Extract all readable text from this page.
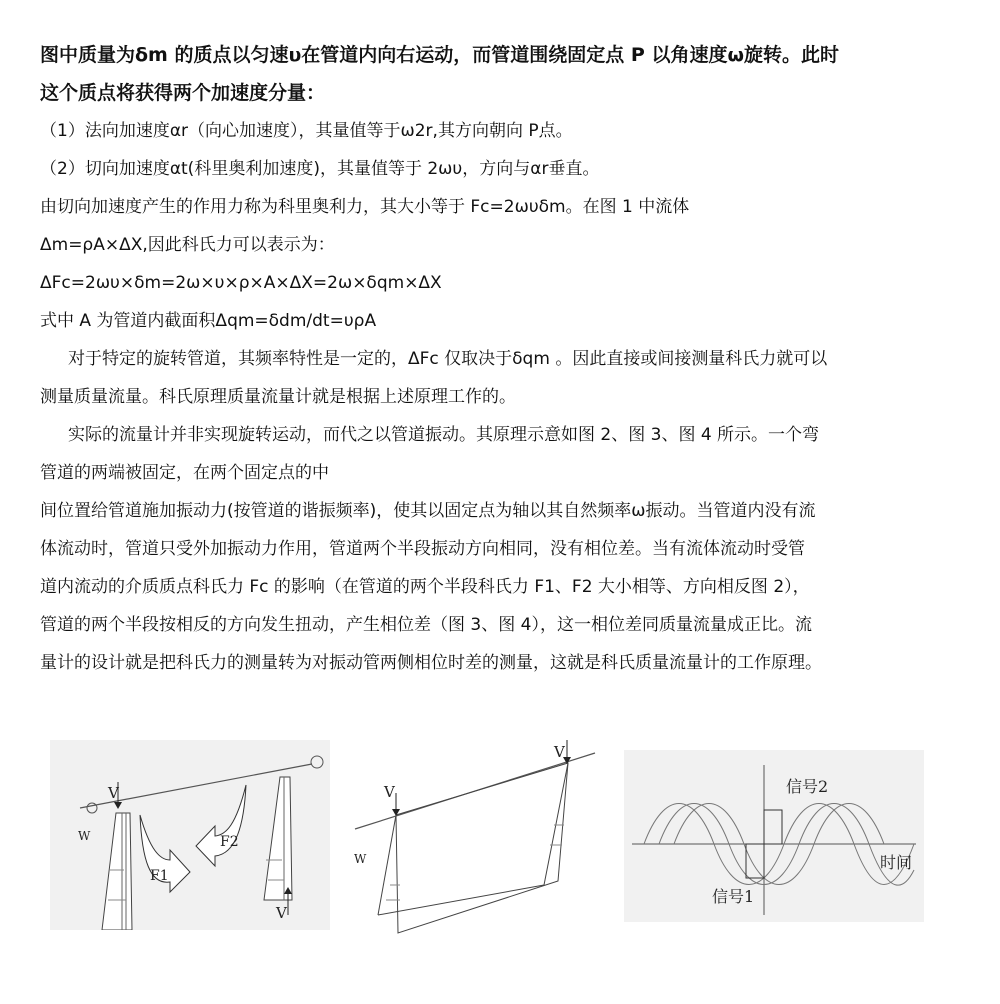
图中质量为δm 的质点以匀速υ在管道内向右运动，而管道围绕固定点 P 以角速度ω旋转。此时
这个质点将获得两个加速度分量：
（1）法向加速度αr（向心加速度），其量值等于ω2r,其方向朝向 P点。
（2）切向加速度αt(科里奥利加速度)，其量值等于 2ωυ，方向与αr垂直。
由切向加速度产生的作用力称为科里奥利力，其大小等于 Fc=2ωυδm。在图 1 中流体
Δm=ρA×ΔX,因此科氏力可以表示为：
ΔFc=2ωυ×δm=2ω×υ×ρ×A×ΔX=2ω×δqm×ΔX
式中 A 为管道内截面积Δqm=δdm/dt=υρA
对于特定的旋转管道，其频率特性是一定的，ΔFc 仅取决于δqm 。因此直接或间接测量科氏力就可以
测量质量流量。科氏原理质量流量计就是根据上述原理工作的。
实际的流量计并非实现旋转运动，而代之以管道振动。其原理示意如图 2、图 3、图 4 所示。一个弯
管道的两端被固定，在两个固定点的中
间位置给管道施加振动力(按管道的谐振频率)，使其以固定点为轴以其自然频率ω振动。当管道内没有流
体流动时，管道只受外加振动力作用，管道两个半段振动方向相同，没有相位差。当有流体流动时受管
道内流动的介质质点科氏力 Fc 的影响（在管道的两个半段科氏力 F1、F2 大小相等、方向相反图 2），
管道的两个半段按相反的方向发生扭动，产生相位差（图 3、图 4），这一相位差同质量流量成正比。流
量计的设计就是把科氏力的测量转为对振动管两侧相位时差的测量，这就是科氏质量流量计的工作原理。
V
W
F1
F2
V
V
W
V
信号2
信号1
时间
